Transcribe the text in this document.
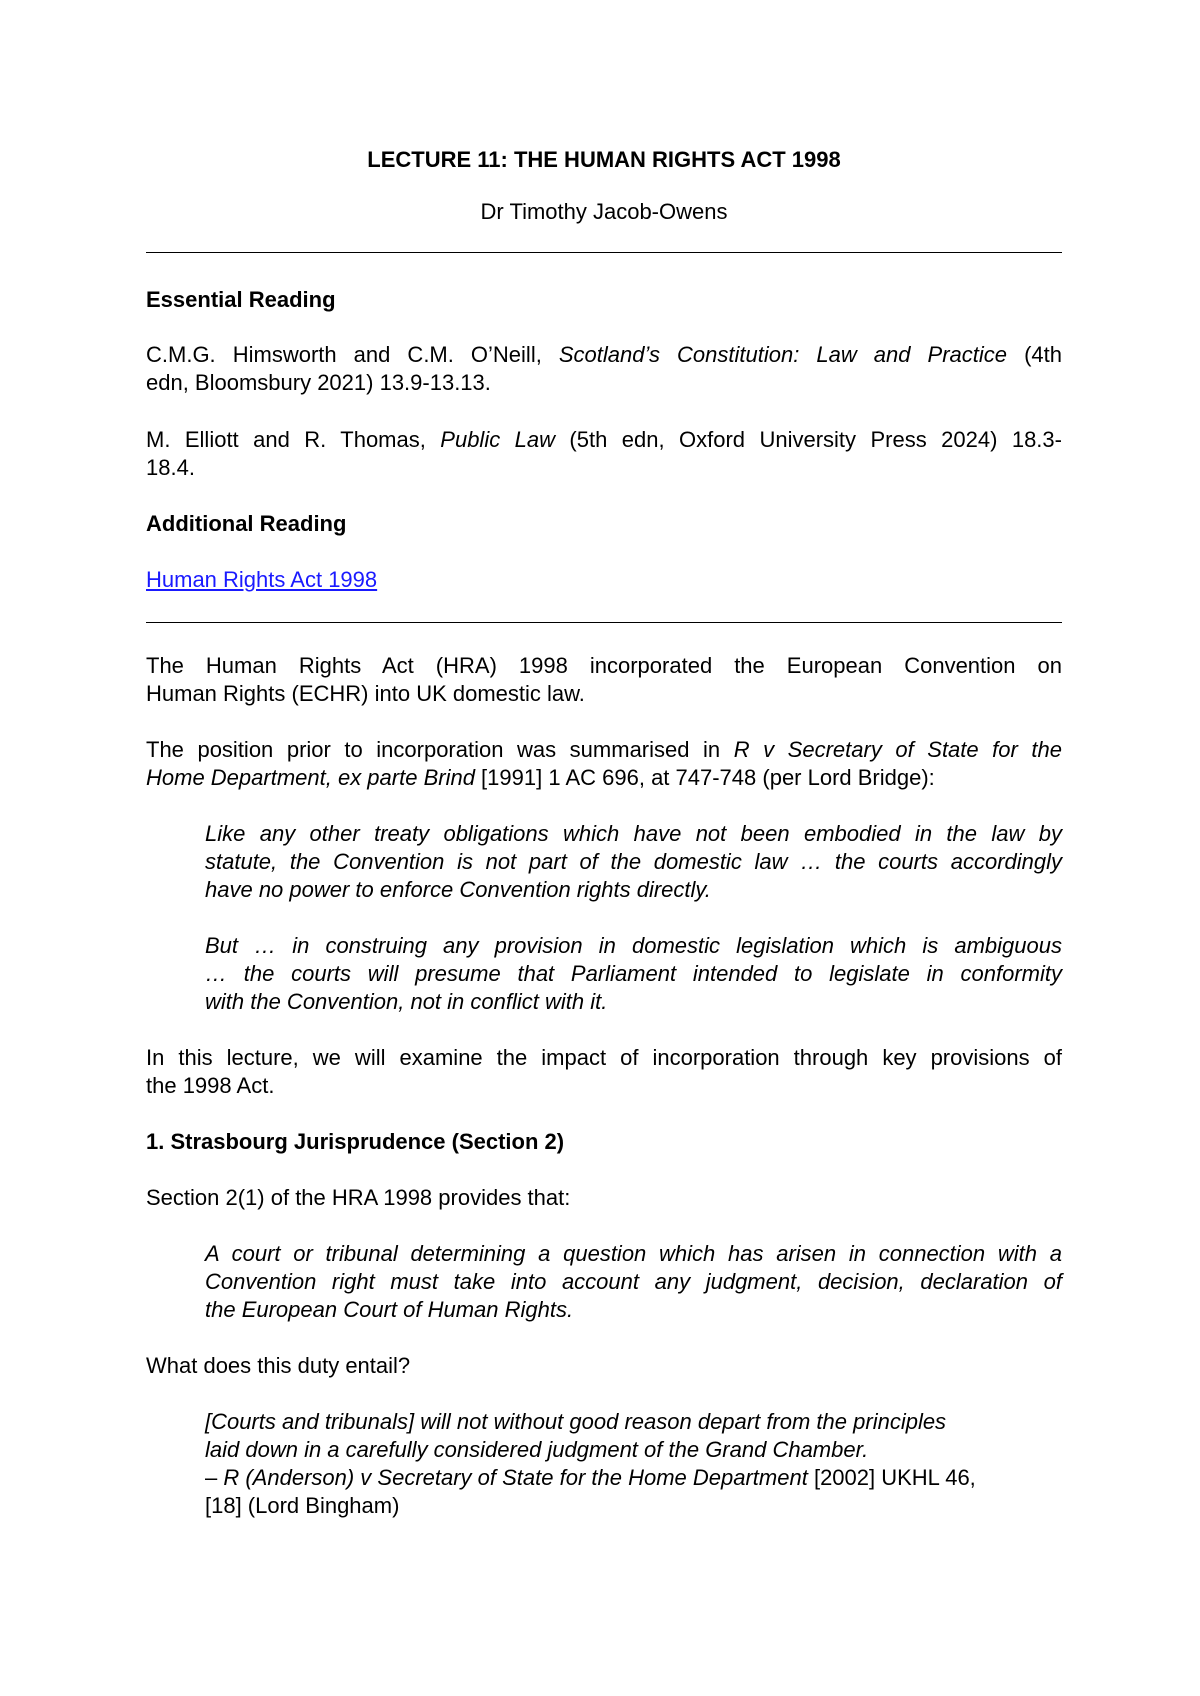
LECTURE 11: THE HUMAN RIGHTS ACT 1998
Dr Timothy Jacob-Owens
Essential Reading
C.M.G. Himsworth and C.M. O’Neill, Scotland’s Constitution: Law and Practice (4th
edn, Bloomsbury 2021) 13.9-13.13.
M. Elliott and R. Thomas, Public Law (5th edn, Oxford University Press 2024) 18.3-
18.4.
Additional Reading
Human Rights Act 1998
The Human Rights Act (HRA) 1998 incorporated the European Convention on
Human Rights (ECHR) into UK domestic law.
The position prior to incorporation was summarised in R v Secretary of State for the
Home Department, ex parte Brind [1991] 1 AC 696, at 747-748 (per Lord Bridge):
Like any other treaty obligations which have not been embodied in the law by
statute, the Convention is not part of the domestic law … the courts accordingly
have no power to enforce Convention rights directly.
But … in construing any provision in domestic legislation which is ambiguous
… the courts will presume that Parliament intended to legislate in conformity
with the Convention, not in conflict with it.
In this lecture, we will examine the impact of incorporation through key provisions of
the 1998 Act.
1. Strasbourg Jurisprudence (Section 2)
Section 2(1) of the HRA 1998 provides that:
A court or tribunal determining a question which has arisen in connection with a
Convention right must take into account any judgment, decision, declaration of
the European Court of Human Rights.
What does this duty entail?
[Courts and tribunals] will not without good reason depart from the principles
laid down in a carefully considered judgment of the Grand Chamber.
– R (Anderson) v Secretary of State for the Home Department [2002] UKHL 46,
[18] (Lord Bingham)
